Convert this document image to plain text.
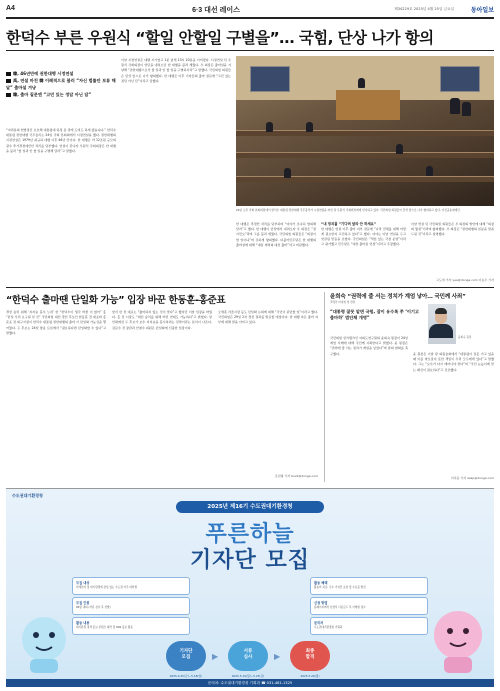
A4	6·3 대선 레이스	제34229호 2025년 4월 25일 금요일	동아일보
한덕수 부른 우원식 “할일 안할일 구별을”… 국힘, 단상 나가 항의
韓, 46년만에 권한대행 시정연설
禹, 연설 마친 韓 이례적으로 불러 “자신 법률안 보류 해달” 출마설 겨냥
韓, 출마 질문엔 “고민 있는 정답 아닌 답”
“여러분의 헌법정신 보호해 대통령대 하정 용 권에 도비도 하게 됐습니다.” 한덕수 대통령 권한대행 국무총리는 24일 국회 본회의에서 시정연설을 했다. 권한대행의 시정연설은 1979년 최규하 대행 이후 46년 만이다. 한 대행은 약 12조원 규모의 필수 추가경정예산안 처리를 당부했다. 연설이 끝나자 우원식 국회의장은 한 대행을 불러 “할 일과 안 할 일을 구별해 달라”고 말했다.
이날 시정연설은 대행 시기였고 1분 넘게 13시 20분을 이어졌다. 시정연설 뒤 우원식 국회의장이 연단을 내려오던 한 대행을 불러 세웠다. 우 의장은 출마설을 겨냥해 “권한대행으로서 할 일과 안 할 일을 구별하시라”고 말했다. 국민의힘 의원들은 단상 앞으로 나가 항의했다. 한 대행은 이후 기자들의 출마 질문에 “고민 있는 정답 아닌 답”이라고 답했다.
24일 오후 국회 본회의장에서 한덕수 대통령 권한대행 국무총리가 시정연설을 마친 뒤 우원식 국회의장에게 인사하고 있다. 국민의힘 의원들이 단상 앞으로 나가 항의하고 있다. 사진공동취재단
한 대행은 추경안 처리를 당부하며 “여야가 조속히 합의해 달라”고 했다. 한 대행이 단상에서 내려오자 우 의장은 “잠시만요”라며 그를 불러 세웠다. 국민의힘 의원들은 “의장이 할 일이냐”며 강하게 항의했다. 더불어민주당은 한 대행의 출마설에 대해 “내란 세력의 대선 출마”라고 비판했다.
“내 정치를 ”기다려 달라 안 하세요”
한 대행은 연설 이후 출마 여부 질문에 “나라 전체를 위해 어떤 게 필요한지 고민하고 있다”고 했다. 여야는 이날 연설을 두고 엇갈린 반응을 보였다. 국민의힘은 “책임 있는 국정 운영”이라고 평가했고 민주당은 “대선 출마용 연설”이라고 주장했다.
이날 연설 뒤 국민의힘 의원들은 우 의장의 발언에 대해 “의장의 월권”이라며 항의했다. 우 의장은 “권한대행의 본분을 말씀드린 것”이라고 설명했다.
고도예 기자 yea@donga.com 이승우 기자
“한덕수 출마땐 단일화 가능” 입장 바꾼 한동훈-홍준표
경선 승리 위해 ‘지지층 흡수 노려’ 한 “한덕수이 생각 바뀐 이 없어” 홍 “단일 우리 요구될 일 것” 국민의힘 대선 경선 후보인 한동훈 전 대표와 홍준표 전 대구시장이 한덕수 대통령 권한대행의 출마 시 단일화 가능성을 열어뒀다. 두 후보는 24일 방송 토론에서 “필요하다면 단일화할 수 있다”고 말했다.
앞서 한 전 대표는 “출마하지 않는 것이 맞다”고 했지만 이날 입장을 바꿨다. 홍 전 시장도 “대선 승리를 위해 어떤 연대도 가능하다”고 밝혔다. 당 안팎에선 두 후보가 보수 지지층을 흡수하려는 전략이라는 분석이 나온다. 김문수 전 장관과 안철수 의원은 단일화에 신중한 입장이다.
오세훈 서울시장 등도 단일화 논의에 대해 “국민이 판단할 일”이라고 했다. 국민의힘은 29일 2차 경선 결과를 발표할 예정이다. 한 대행 측은 출마 여부에 대해 말을 아끼고 있다.
조권형 기자 buzz@donga.com
윤희숙 “권력에 줄 서는 정치가 계엄 낳아… 국민께 사죄”
尹정부 비대위 첫 연설
“대통령 잘못 알면 국힘, 잡이 유수록 쭈 ‘이기고 출마하’ 법안체 개명”
국민의힘 싱크탱크인 여의도연구원의 윤희숙 원장이 24일 계엄 사태에 대해 국민께 사죄한다고 밝혔다. 윤 원장은 “권력에 줄 서는 정치가 계엄을 낳았다”며 당의 변화를 촉구했다.	윤 원장은 이날 당 의원총회에서 “대통령이 잘못 가고 있을 때 이를 바로잡지 못한 책임이 우리 모두에게 있다”고 말했다. 그는 “보수가 다시 태어나야 한다”며 “국민 눈높이에 맞는 쇄신이 필요하다”고 강조했다.
윤희숙 원장
이지윤 기자 asap@donga.com
수도권대기환경청
2025년 제16기 수도권대기환경청
푸른하늘
기자단 모집
모집 대상
미세먼지 및 대기환경에 관심 있는 수도권 거주 대학생
모집 인원
00명 내외 (서류 심사 후 선발)
활동 내용
대기환경 정책 홍보 콘텐츠 제작 및 SNS 홍보 활동
활동 혜택
활동비 지급, 우수 기자단 표창 및 수료증 발급
신청 방법
홈페이지에서 신청서 다운로드 후 이메일 접수
문의처
수도권대기환경청 기획과
기자단
모집
2025.4.25(금)~5.18(일)
▶
서류
심사
2025.5.19(월)~5.23(금)
▶
최종
합격
2025.5.26(월)
문의처: 수도권대기환경청 기획과 ☎ 031-481-1325
